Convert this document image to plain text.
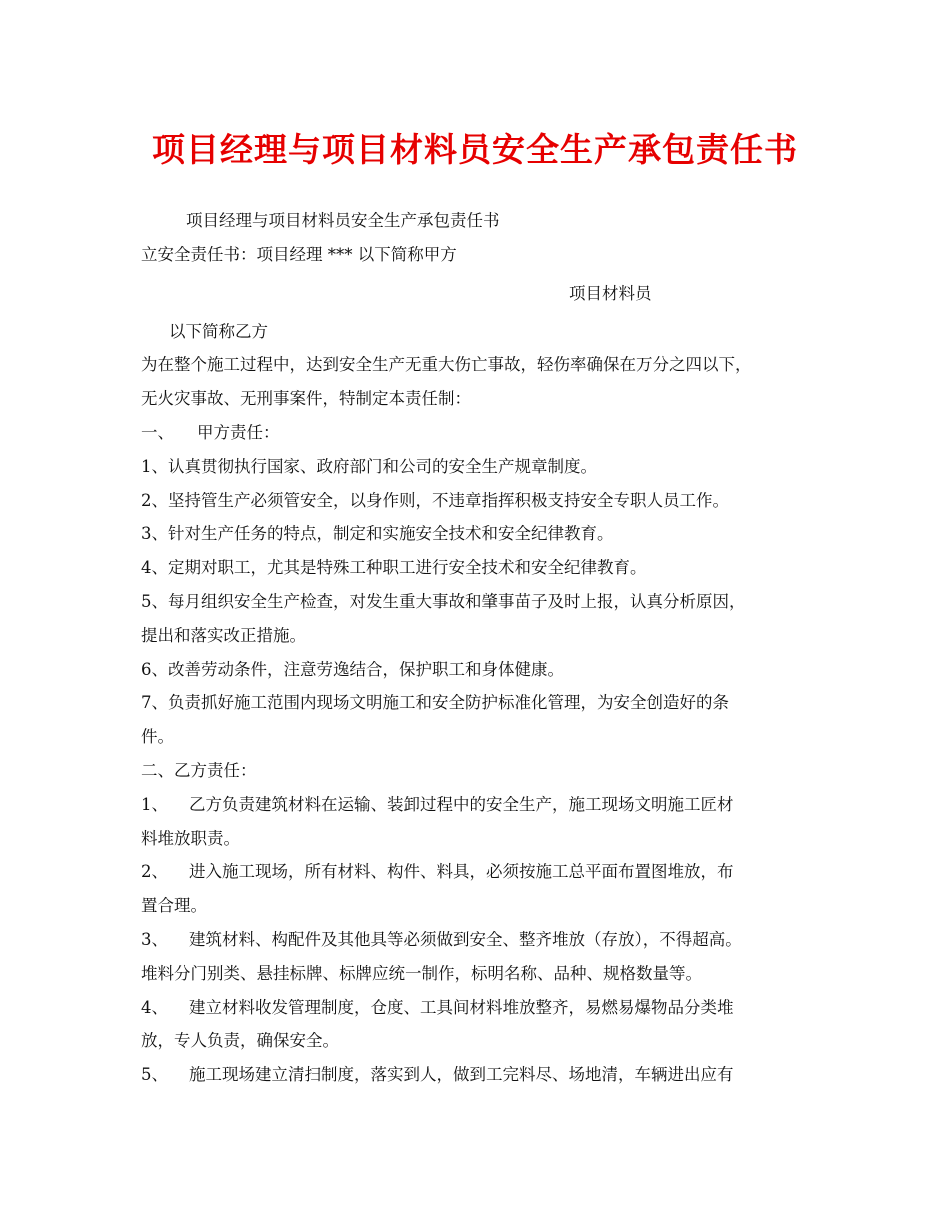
项目经理与项目材料员安全生产承包责任书
项目经理与项目材料员安全生产承包责任书
立安全责任书：项目经理 *** 以下简称甲方
项目材料员
以下简称乙方
为在整个施工过程中，达到安全生产无重大伤亡事故，轻伤率确保在万分之四以下，
无火灾事故、无刑事案件，特制定本责任制：
一、 甲方责任：
1、认真贯彻执行国家、政府部门和公司的安全生产规章制度。
2、坚持管生产必须管安全，以身作则，不违章指挥积极支持安全专职人员工作。
3、针对生产任务的特点，制定和实施安全技术和安全纪律教育。
4、定期对职工，尤其是特殊工种职工进行安全技术和安全纪律教育。
5、每月组织安全生产检查，对发生重大事故和肇事苗子及时上报，认真分析原因，
提出和落实改正措施。
6、改善劳动条件，注意劳逸结合，保护职工和身体健康。
7、负责抓好施工范围内现场文明施工和安全防护标准化管理，为安全创造好的条
件。
二、乙方责任：
1、 乙方负责建筑材料在运输、装卸过程中的安全生产，施工现场文明施工匠材
料堆放职责。
2、 进入施工现场，所有材料、构件、料具，必须按施工总平面布置图堆放，布
置合理。
3、 建筑材料、构配件及其他具等必须做到安全、整齐堆放（存放），不得超高。
堆料分门别类、悬挂标牌、标牌应统一制作，标明名称、品种、规格数量等。
4、 建立材料收发管理制度，仓度、工具间材料堆放整齐，易燃易爆物品分类堆
放，专人负责，确保安全。
5、 施工现场建立清扫制度，落实到人，做到工完料尽、场地清，车辆进出应有
